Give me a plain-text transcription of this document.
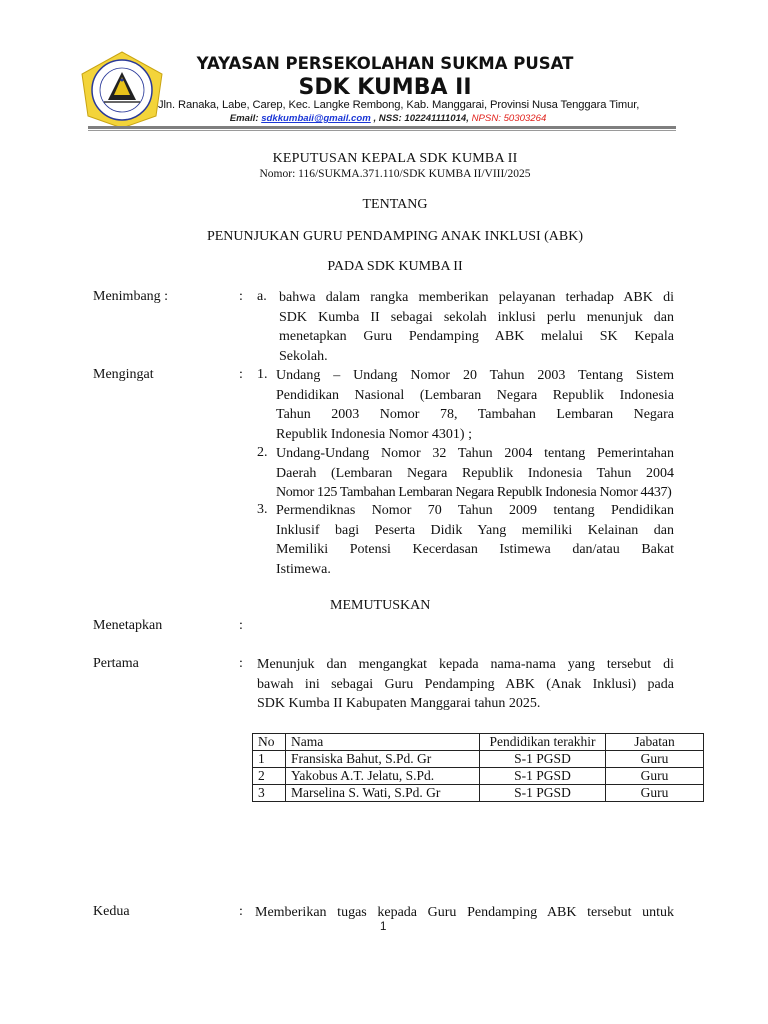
YAYASAN PERSEKOLAHAN SUKMA PUSAT
SDK KUMBA II
Jln. Ranaka, Labe, Carep, Kec. Langke Rembong, Kab. Manggarai, Provinsi Nusa Tenggara Timur,
Email: sdkkumbaii@gmail.com , NSS: 102241111014, NPSN: 50303264
KEPUTUSAN KEPALA SDK KUMBA II
Nomor: 116/SUKMA.371.110/SDK KUMBA II/VIII/2025
TENTANG
PENUNJUKAN GURU PENDAMPING ANAK INKLUSI (ABK)
PADA SDK KUMBA II
Menimbang :	: a. bahwa dalam rangka memberikan pelayanan terhadap ABK di
SDK Kumba II sebagai sekolah inklusi perlu menunjuk dan
menetapkan Guru Pendamping ABK melalui SK Kepala
Sekolah.
Mengingat	: 1. Undang – Undang Nomor 20 Tahun 2003 Tentang Sistem
Pendidikan Nasional (Lembaran Negara Republik Indonesia
Tahun 2003 Nomor 78, Tambahan Lembaran Negara
Republik Indonesia Nomor 4301) ;
2. Undang-Undang Nomor 32 Tahun 2004 tentang Pemerintahan
Daerah (Lembaran Negara Republik Indonesia Tahun 2004
Nomor 125 Tambahan Lembaran Negara Republk Indonesia Nomor 4437)
3. Permendiknas Nomor 70 Tahun 2009 tentang Pendidikan
Inklusif bagi Peserta Didik Yang memiliki Kelainan dan
Memiliki Potensi Kecerdasan Istimewa dan/atau Bakat
Istimewa.
MEMUTUSKAN
Menetapkan	:
Pertama	: Menunjuk dan mengangkat kepada nama-nama yang tersebut di
bawah ini sebagai Guru Pendamping ABK (Anak Inklusi) pada
SDK Kumba II Kabupaten Manggarai tahun 2025.
No	Nama	Pendidikan terakhir	Jabatan
1	Fransiska Bahut, S.Pd. Gr	S-1 PGSD	Guru
2	Yakobus A.T. Jelatu, S.Pd.	S-1 PGSD	Guru
3	Marselina S. Wati, S.Pd. Gr	S-1 PGSD	Guru
Kedua	: Memberikan tugas kepada Guru Pendamping ABK tersebut untuk
1
